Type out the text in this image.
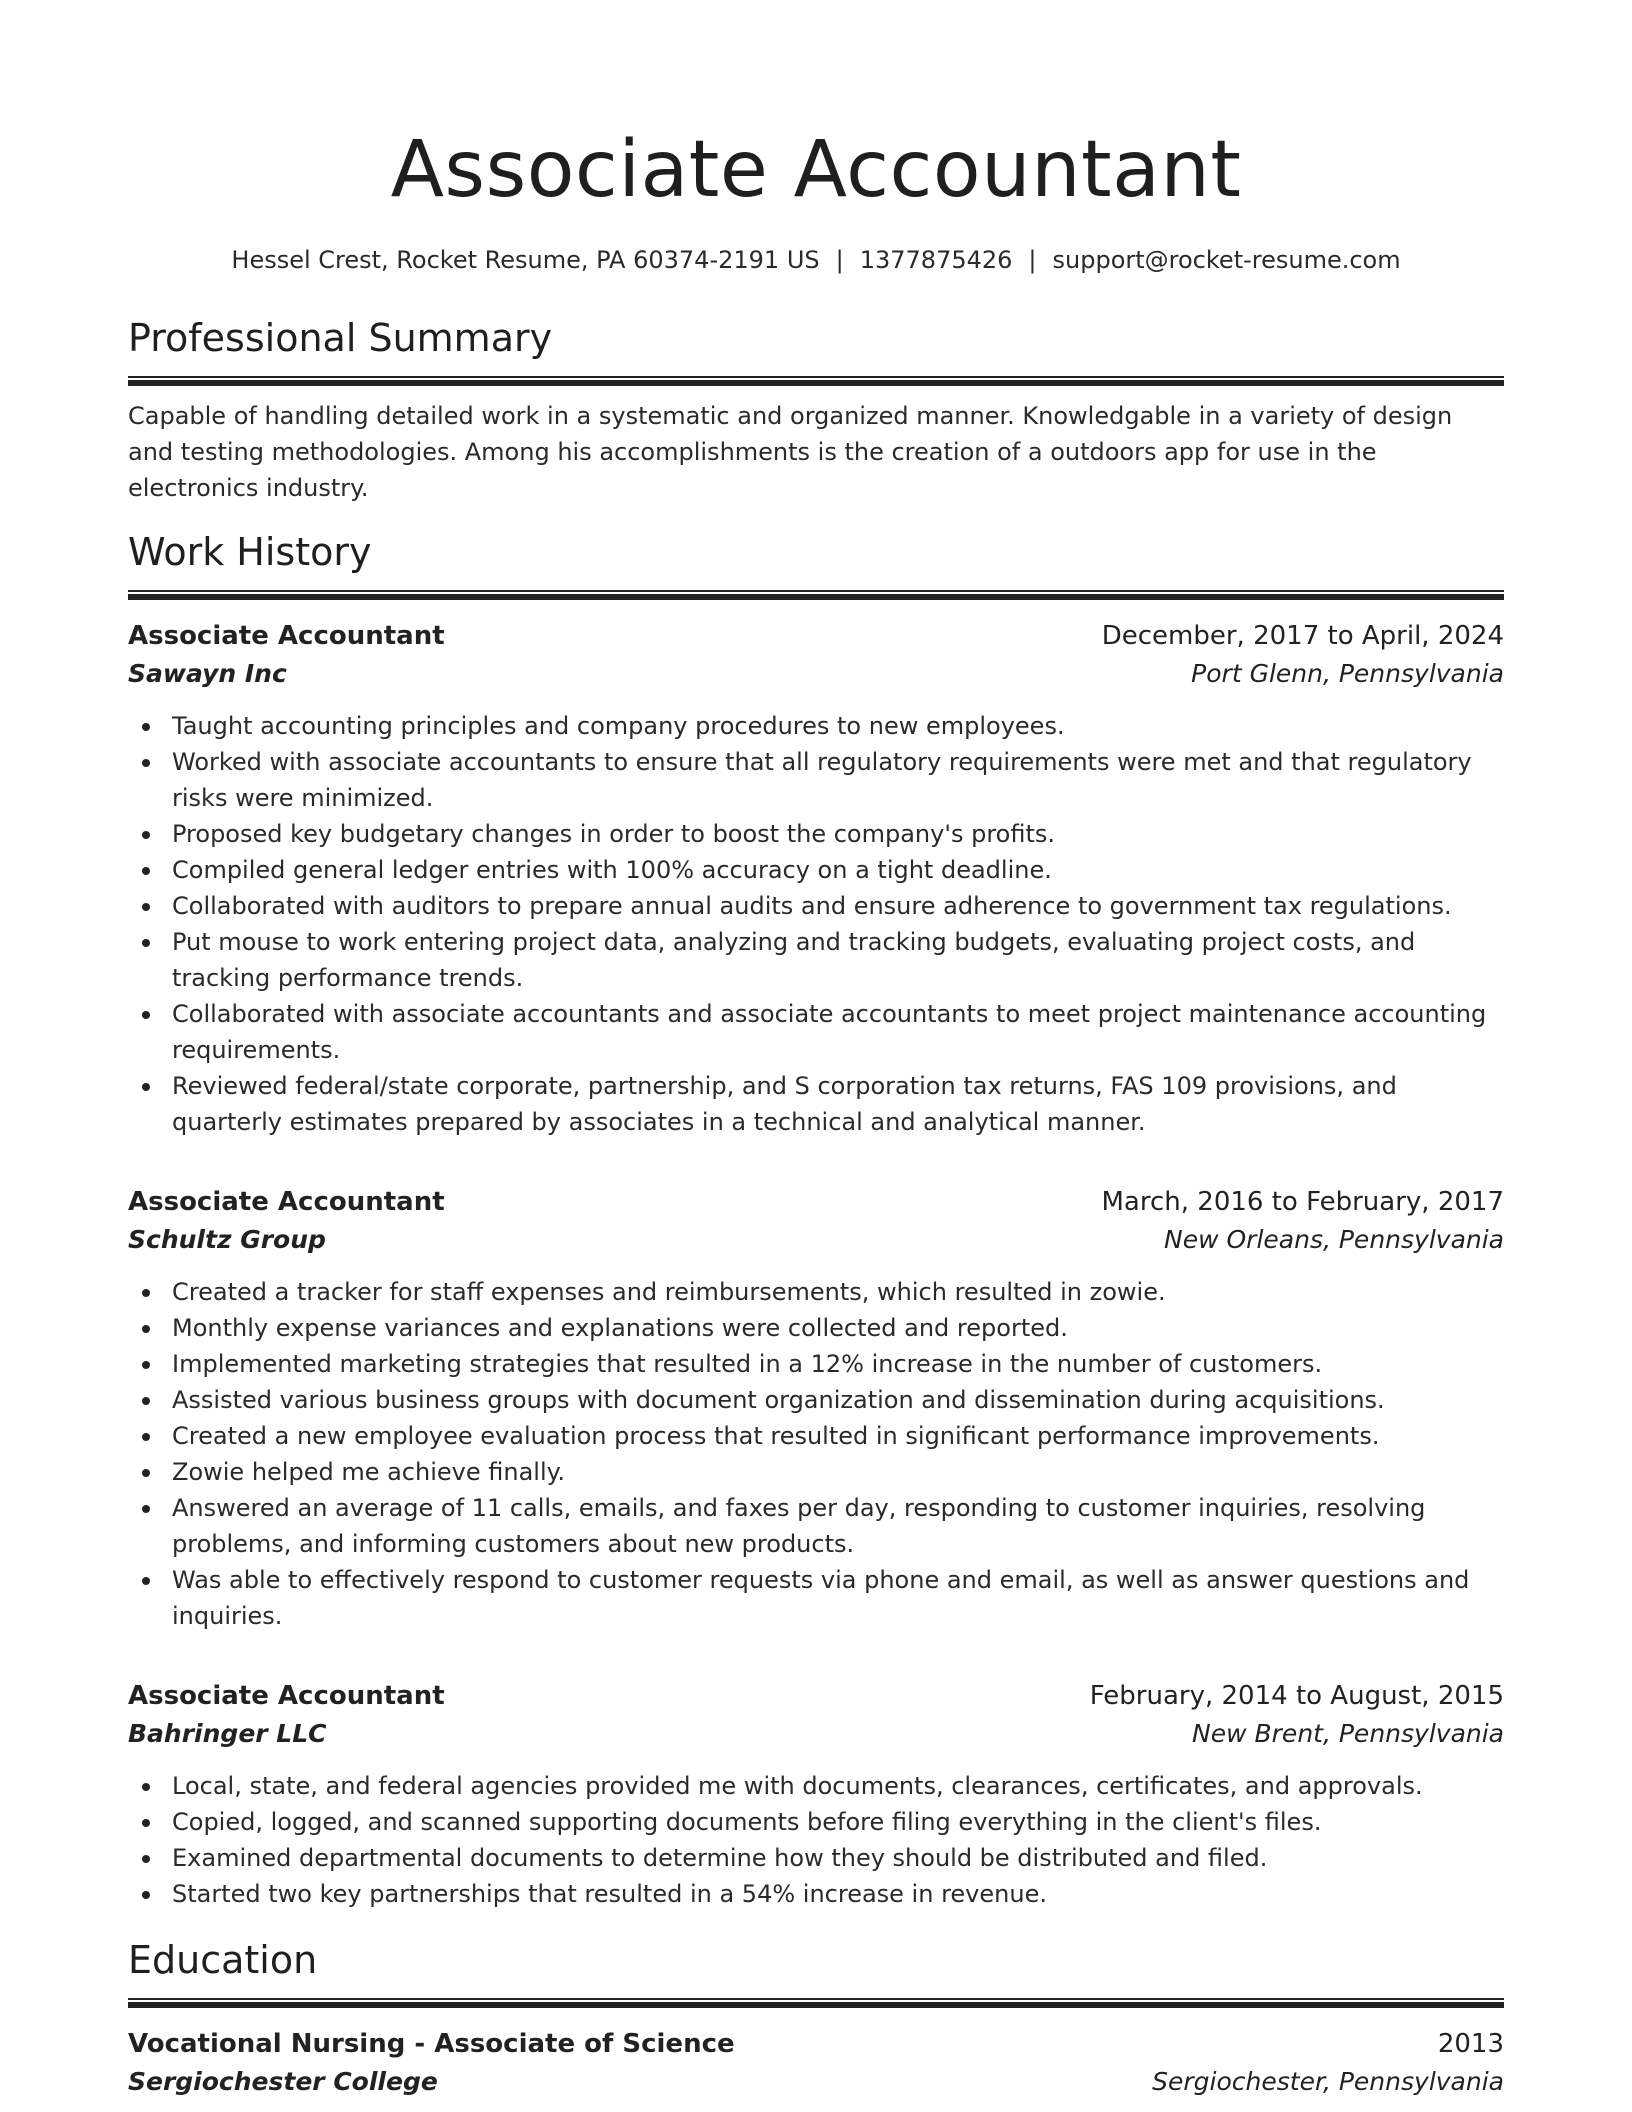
Associate Accountant
Hessel Crest, Rocket Resume, PA 60374-2191 US | 1377875426 | support@rocket-resume.com
Professional Summary

Capable of handling detailed work in a systematic and organized manner. Knowledgable in a variety of design and testing methodologies. Among his accomplishments is the creation of a outdoors app for use in the electronics industry.

Work History
Associate Accountant	December, 2017 to April, 2024
Sawayn Inc	Port Glenn, Pennsylvania
Taught accounting principles and company procedures to new employees.
Worked with associate accountants to ensure that all regulatory requirements were met and that regulatory risks were minimized.
Proposed key budgetary changes in order to boost the company's profits.
Compiled general ledger entries with 100% accuracy on a tight deadline.
Collaborated with auditors to prepare annual audits and ensure adherence to government tax regulations.
Put mouse to work entering project data, analyzing and tracking budgets, evaluating project costs, and tracking performance trends.
Collaborated with associate accountants and associate accountants to meet project maintenance accounting requirements.
Reviewed federal/state corporate, partnership, and S corporation tax returns, FAS 109 provisions, and quarterly estimates prepared by associates in a technical and analytical manner.
Associate Accountant	March, 2016 to February, 2017
Schultz Group	New Orleans, Pennsylvania
Created a tracker for staff expenses and reimbursements, which resulted in zowie.
Monthly expense variances and explanations were collected and reported.
Implemented marketing strategies that resulted in a 12% increase in the number of customers.
Assisted various business groups with document organization and dissemination during acquisitions.
Created a new employee evaluation process that resulted in significant performance improvements.
Zowie helped me achieve finally.
Answered an average of 11 calls, emails, and faxes per day, responding to customer inquiries, resolving problems, and informing customers about new products.
Was able to effectively respond to customer requests via phone and email, as well as answer questions and inquiries.
Associate Accountant	February, 2014 to August, 2015
Bahringer LLC	New Brent, Pennsylvania
Local, state, and federal agencies provided me with documents, clearances, certificates, and approvals.
Copied, logged, and scanned supporting documents before filing everything in the client's files.
Examined departmental documents to determine how they should be distributed and filed.
Started two key partnerships that resulted in a 54% increase in revenue.
Education
Vocational Nursing - Associate of Science	2013
Sergiochester College	Sergiochester, Pennsylvania
